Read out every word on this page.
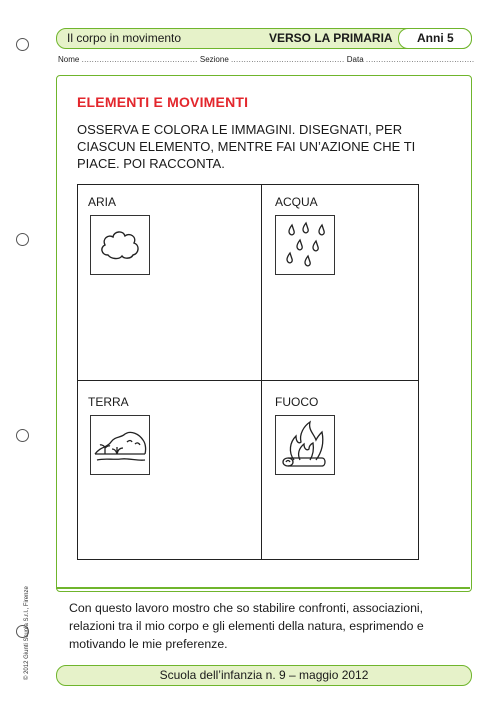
Il corpo in movimento	VERSO LA PRIMARIA Anni 5
Nome .............................................. Sezione ............................................. Data ...........................................
ELEMENTI E MOVIMENTI
OSSERVA E COLORA LE IMMAGINI. DISEGNATI, PER CIASCUN ELEMENTO, MENTRE FAI UN’AZIONE CHE TI PIACE. POI RACCONTA.
ARIA	ACQUA
TERRA	FUOCO
Con questo lavoro mostro che so stabilire confronti, associazioni, relazioni tra il mio corpo e gli elementi della natura, esprimendo e motivando le mie preferenze.
Scuola dell’infanzia n. 9 – maggio 2012
© 2012 Giunti Scuola S.r.l., Firenze
